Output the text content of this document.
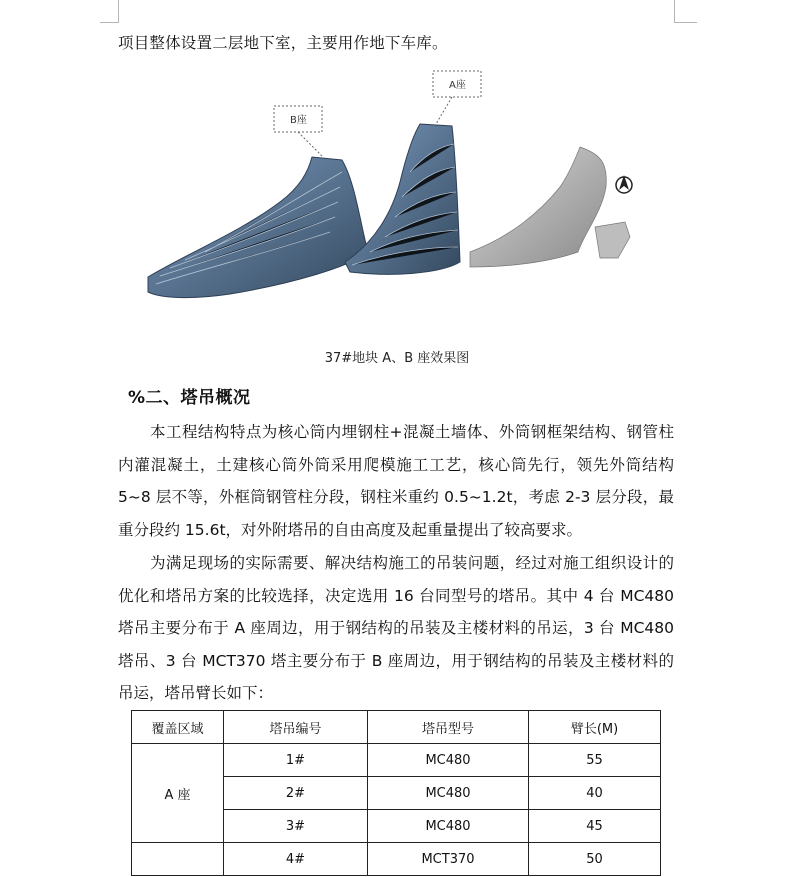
项目整体设置二层地下室，主要用作地下车库。
B座
A座
37#地块 A、B 座效果图
%二、塔吊概况

本工程结构特点为核心筒内埋钢柱+混凝土墙体、外筒钢框架结构、钢管柱内灌混凝土，土建核心筒外筒采用爬模施工工艺，核心筒先行，领先外筒结构5~8 层不等，外框筒钢管柱分段，钢柱米重约 0.5~1.2t，考虑 2-3 层分段，最重分段约 15.6t，对外附塔吊的自由高度及起重量提出了较高要求。

为满足现场的实际需要、解决结构施工的吊装问题，经过对施工组织设计的优化和塔吊方案的比较选择，决定选用 16 台同型号的塔吊。其中 4 台 MC480 塔吊主要分布于 A 座周边，用于钢结构的吊装及主楼材料的吊运，3 台 MC480 塔吊、3 台 MCT370 塔主要分布于 B 座周边，用于钢结构的吊装及主楼材料的吊运，塔吊臂长如下：

覆盖区域	塔吊编号	塔吊型号	臂长(M)
A 座	1#	MC480	55
	2#	MC480	40
	3#	MC480	45
	4#	MCT370	50
